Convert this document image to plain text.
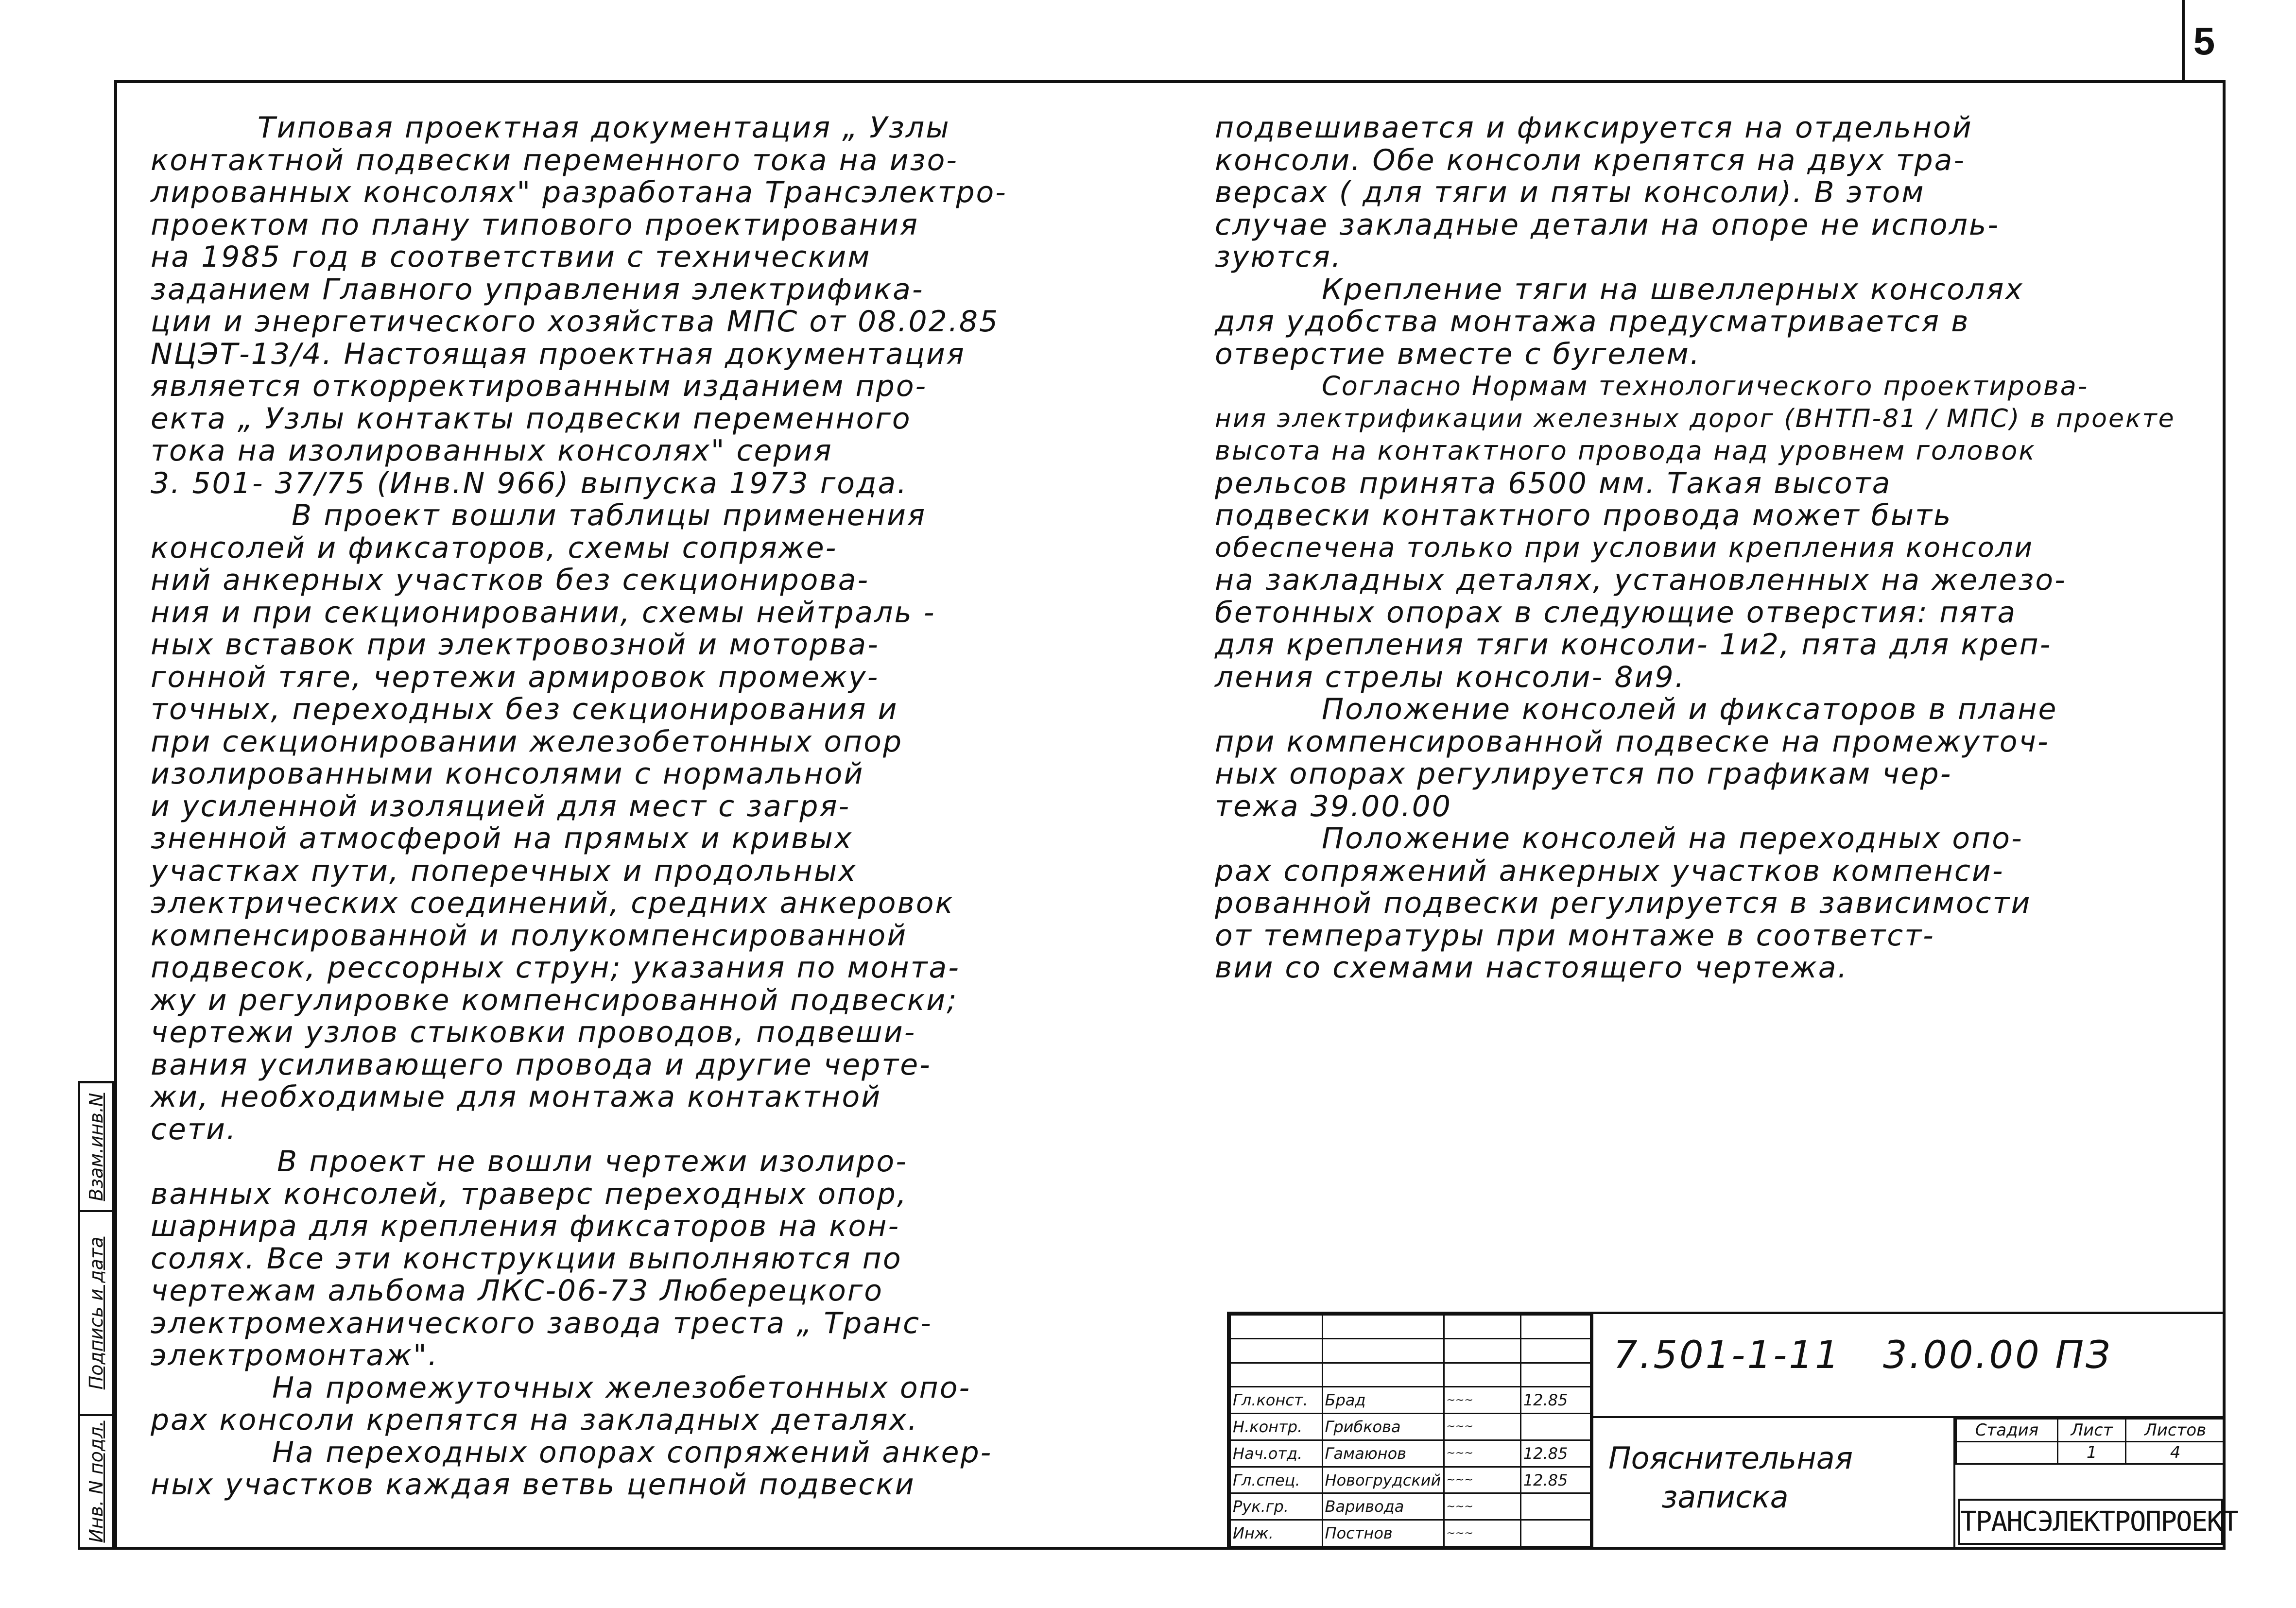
5
Взам.инв.N
Подпись и дата
Инв. N подл.

Типовая проектная документация „ Узлы

контактной подвески переменного тока на изо-

лированных консолях" разработана Трансэлектро-

проектом по плану типового проектирования

на 1985 год в соответствии с техническим

заданием Главного управления электрифика-

ции и энергетического хозяйства МПС от 08.02.85

NЦЭТ-13/4. Настоящая проектная документация

является откорректированным изданием про-

екта „ Узлы контакты подвески переменного

тока на изолированных консолях" серия

3. 501- 37/75 (Инв.N 966) выпуска 1973 года.

В проект вошли таблицы применения

консолей и фиксаторов, схемы сопряже-

ний анкерных участков без секционирова-

ния и при секционировании, схемы нейтраль -

ных вставок при электровозной и моторва-

гонной тяге, чертежи армировок промежу-

точных, переходных без секционирования и

при секционировании железобетонных опор

изолированными консолями с нормальной

и усиленной изоляцией для мест с загря-

зненной атмосферой на прямых и кривых

участках пути, поперечных и продольных

электрических соединений, средних анкеровок

компенсированной и полукомпенсированной

подвесок, рессорных струн; указания по монта-

жу и регулировке компенсированной подвески;

чертежи узлов стыковки проводов, подвеши-

вания усиливающего провода и другие черте-

жи, необходимые для монтажа контактной

сети.

В проект не вошли чертежи изолиро-

ванных консолей, траверс переходных опор,

шарнира для крепления фиксаторов на кон-

солях. Все эти конструкции выполняются по

чертежам альбома ЛКС-06-73 Люберецкого

электромеханического завода треста „ Транс-

электромонтаж".

На промежуточных железобетонных опо-

рах консоли крепятся на закладных деталях.

На переходных опорах сопряжений анкер-

ных участков каждая ветвь цепной подвески

подвешивается и фиксируется на отдельной

консоли. Обе консоли крепятся на двух тра-

версах ( для тяги и пяты консоли). В этом

случае закладные детали на опоре не исполь-

зуются.

Крепление тяги на швеллерных консолях

для удобства монтажа предусматривается в

отверстие вместе с бугелем.

Согласно Нормам технологического проектирова-

ния электрификации железных дорог (ВНТП-81 / МПС) в проекте

высота на контактного провода над уровнем головок

рельсов принята 6500 мм. Такая высота

подвески контактного провода может быть

обеспечена только при условии крепления консоли

на закладных деталях, установленных на железо-

бетонных опорах в следующие отверстия: пята

для крепления тяги консоли- 1и2, пята для креп-

ления стрелы консоли- 8и9.

Положение консолей и фиксаторов в плане

при компенсированной подвеске на промежуточ-

ных опорах регулируется по графикам чер-

тежа 39.00.00

Положение консолей на переходных опо-

рах сопряжений анкерных участков компенси-

рованной подвески регулируется в зависимости

от температуры при монтаже в соответст-

вии со схемами настоящего чертежа.

Гл.конст.	Брад	~~~	12.85
Н.контр.	Грибкова	~~~	
Нач.отд.	Гамаюнов	~~~	12.85
Гл.спец.	Новогрудский	~~~	12.85
Рук.гр.	Варивода	~~~	
Инж.	Постнов	~~~	
7.501-1-11 3.00.00 ПЗ
Пояснительная
записка
Стадия	Лист	Листов
	1	4
ТРАНСЭЛЕКТРОПРОЕКТ
